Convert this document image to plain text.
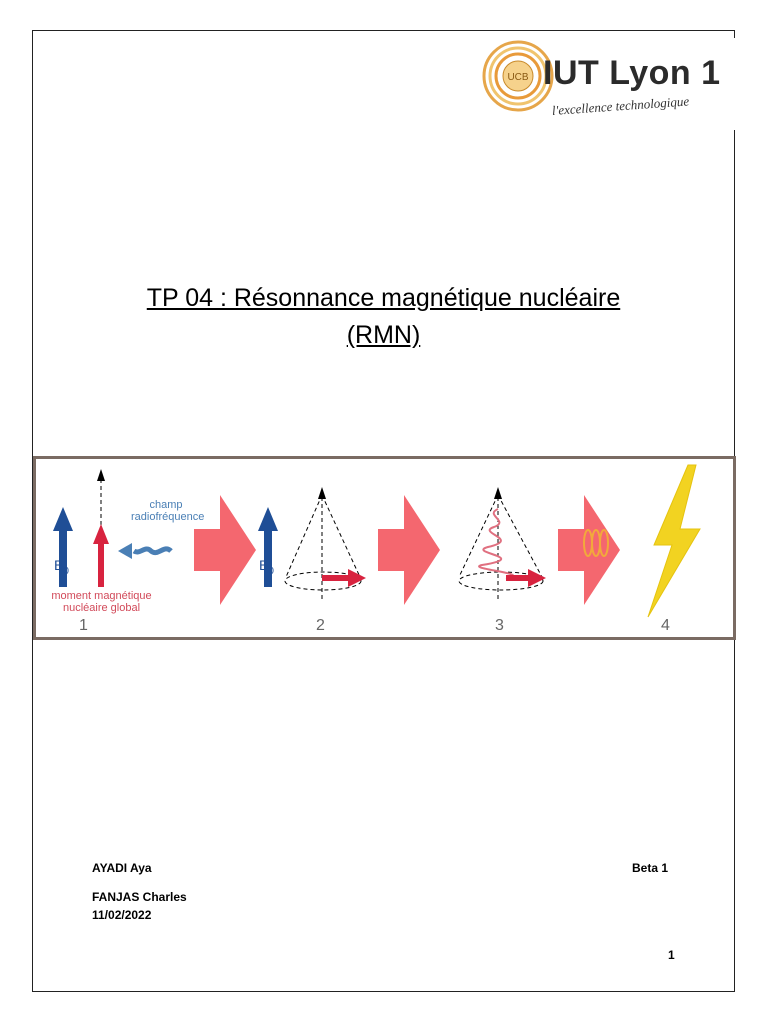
UCB IUT Lyon 1
l'excellence technologique
TP 04 : Résonnance magnétique nucléaire
(RMN)
$B_0$	$B_0$
champ
radiofréquence
moment magnétique
nucléaire global
1	2	3	4
AYADI Aya	Beta 1
FANJAS Charles
11/02/2022
1
